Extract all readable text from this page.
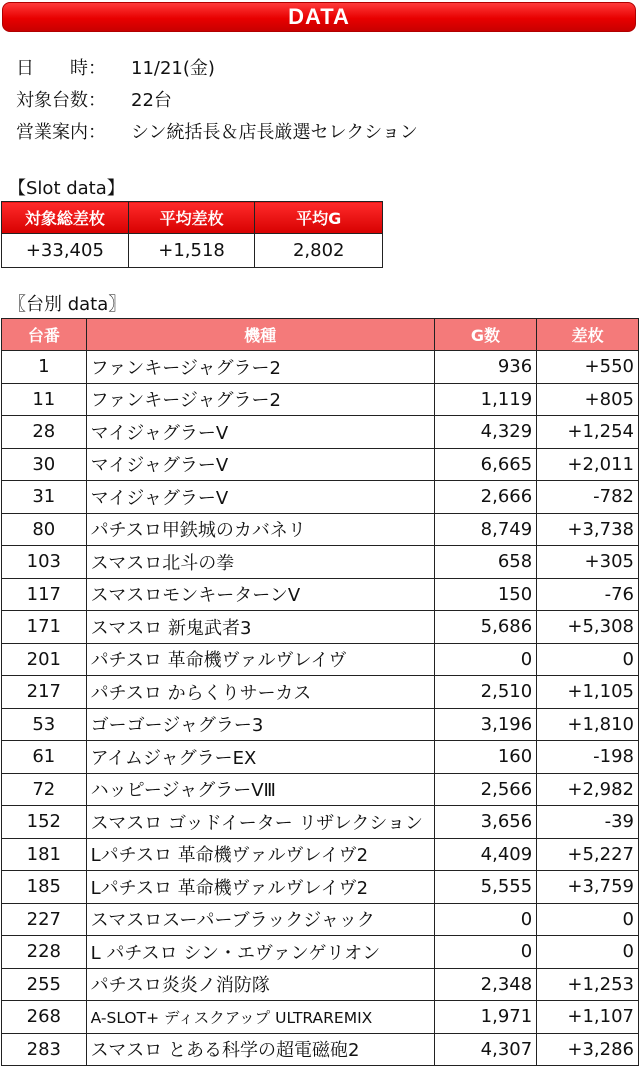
DATA
日　　時： 11/21(金)
対象台数： 22台
営業案内： シン統括長＆店長厳選セレクション
【Slot data】
対象総差枚	平均差枚	平均G
+33,405	+1,518	2,802
〖台別 data〗
台番	機種	G数	差枚
1	ファンキージャグラー2	936	+550
11	ファンキージャグラー2	1,119	+805
28	マイジャグラーV	4,329	+1,254
30	マイジャグラーV	6,665	+2,011
31	マイジャグラーV	2,666	-782
80	パチスロ甲鉄城のカバネリ	8,749	+3,738
103	スマスロ北斗の拳	658	+305
117	スマスロモンキーターンV	150	-76
171	スマスロ 新鬼武者3	5,686	+5,308
201	パチスロ 革命機ヴァルヴレイヴ	0	0
217	パチスロ からくりサーカス	2,510	+1,105
53	ゴーゴージャグラー3	3,196	+1,810
61	アイムジャグラーEX	160	-198
72	ハッピージャグラーVⅢ	2,566	+2,982
152	スマスロ ゴッドイーター リザレクション	3,656	-39
181	Lパチスロ 革命機ヴァルヴレイヴ2	4,409	+5,227
185	Lパチスロ 革命機ヴァルヴレイヴ2	5,555	+3,759
227	スマスロスーパーブラックジャック	0	0
228	L パチスロ シン・エヴァンゲリオン	0	0
255	パチスロ炎炎ノ消防隊	2,348	+1,253
268	A-SLOT+ ディスクアップ ULTRAREMIX	1,971	+1,107
283	スマスロ とある科学の超電磁砲2	4,307	+3,286
